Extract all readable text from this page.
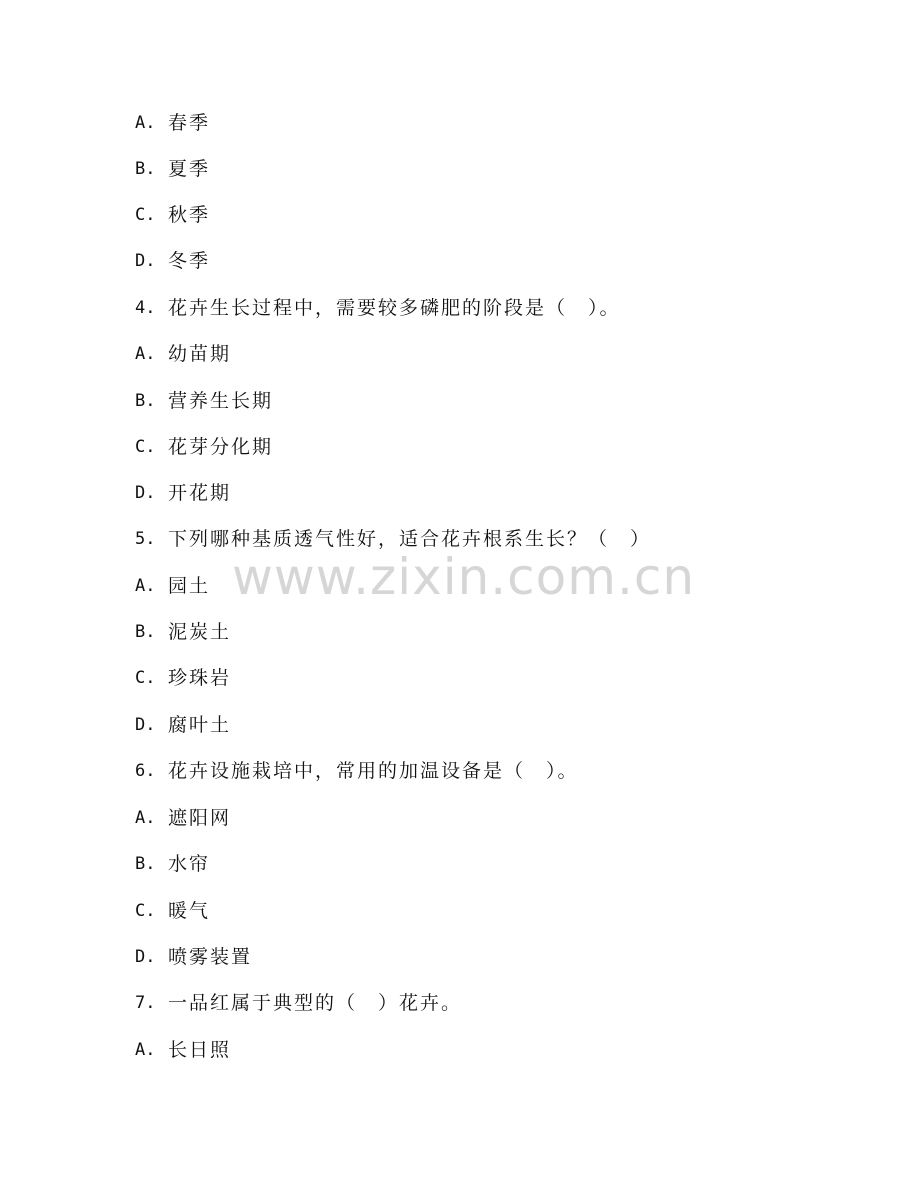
A. 春季
B. 夏季
C. 秋季
D. 冬季
4. 花卉生长过程中，需要较多磷肥的阶段是（　）。
A. 幼苗期
B. 营养生长期
C. 花芽分化期
D. 开花期
5. 下列哪种基质透气性好，适合花卉根系生长？（　）
A. 园土
B. 泥炭土
C. 珍珠岩
D. 腐叶土
6. 花卉设施栽培中，常用的加温设备是（　）。
A. 遮阳网
B. 水帘
C. 暖气
D. 喷雾装置
7. 一品红属于典型的（　）花卉。
A. 长日照
www.zixin.com.cn
